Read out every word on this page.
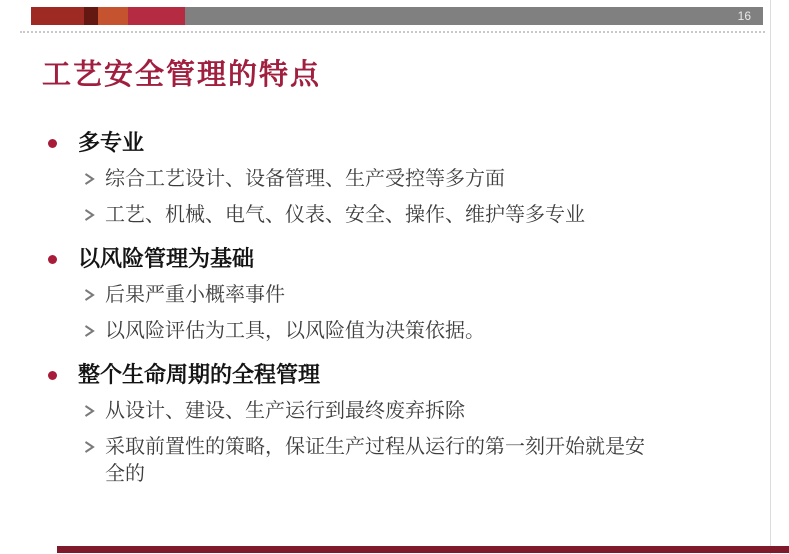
16
工艺安全管理的特点
多专业
综合工艺设计、设备管理、生产受控等多方面
工艺、机械、电气、仪表、安全、操作、维护等多专业
以风险管理为基础
后果严重小概率事件
以风险评估为工具，以风险值为决策依据。
整个生命周期的全程管理
从设计、建设、生产运行到最终废弃拆除
采取前置性的策略，保证生产过程从运行的第一刻开始就是安全的
